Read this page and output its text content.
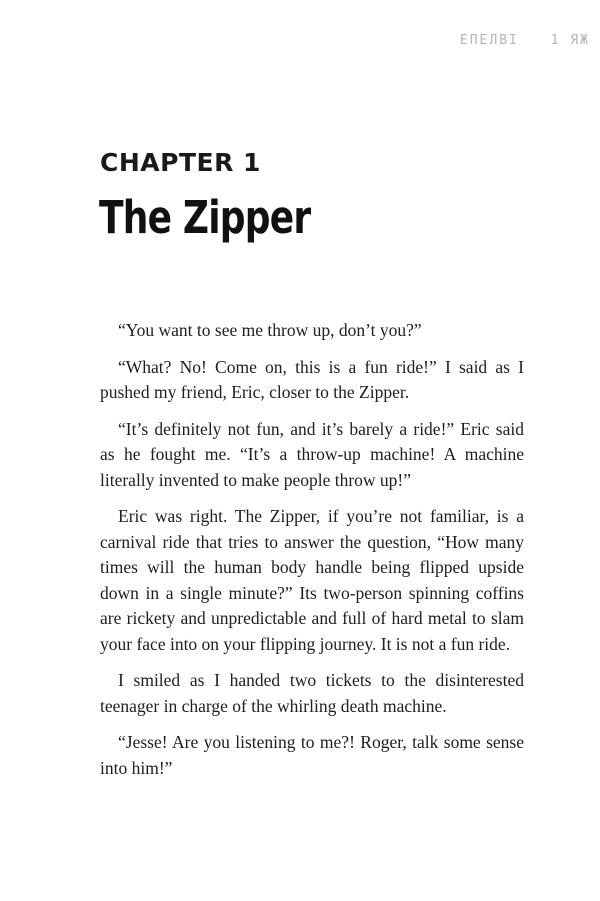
ЕПЕЛВІ 1 ЯЖ
CHAPTER 1
The Zipper

“You want to see me throw up, don’t you?”

“What? No! Come on, this is a fun ride!” I said as I pushed my friend, Eric, closer to the Zipper.

“It’s definitely not fun, and it’s barely a ride!” Eric said as he fought me. “It’s a throw-up machine! A machine literally invented to make people throw up!”

Eric was right. The Zipper, if you’re not familiar, is a carnival ride that tries to answer the question, “How many times will the human body handle being flipped upside down in a single minute?” Its two-person spinning coffins are rickety and unpredictable and full of hard metal to slam your face into on your flipping journey. It is not a fun ride.

I smiled as I handed two tickets to the disinterested teenager in charge of the whirling death machine.

“Jesse! Are you listening to me?! Roger, talk some sense into him!”
